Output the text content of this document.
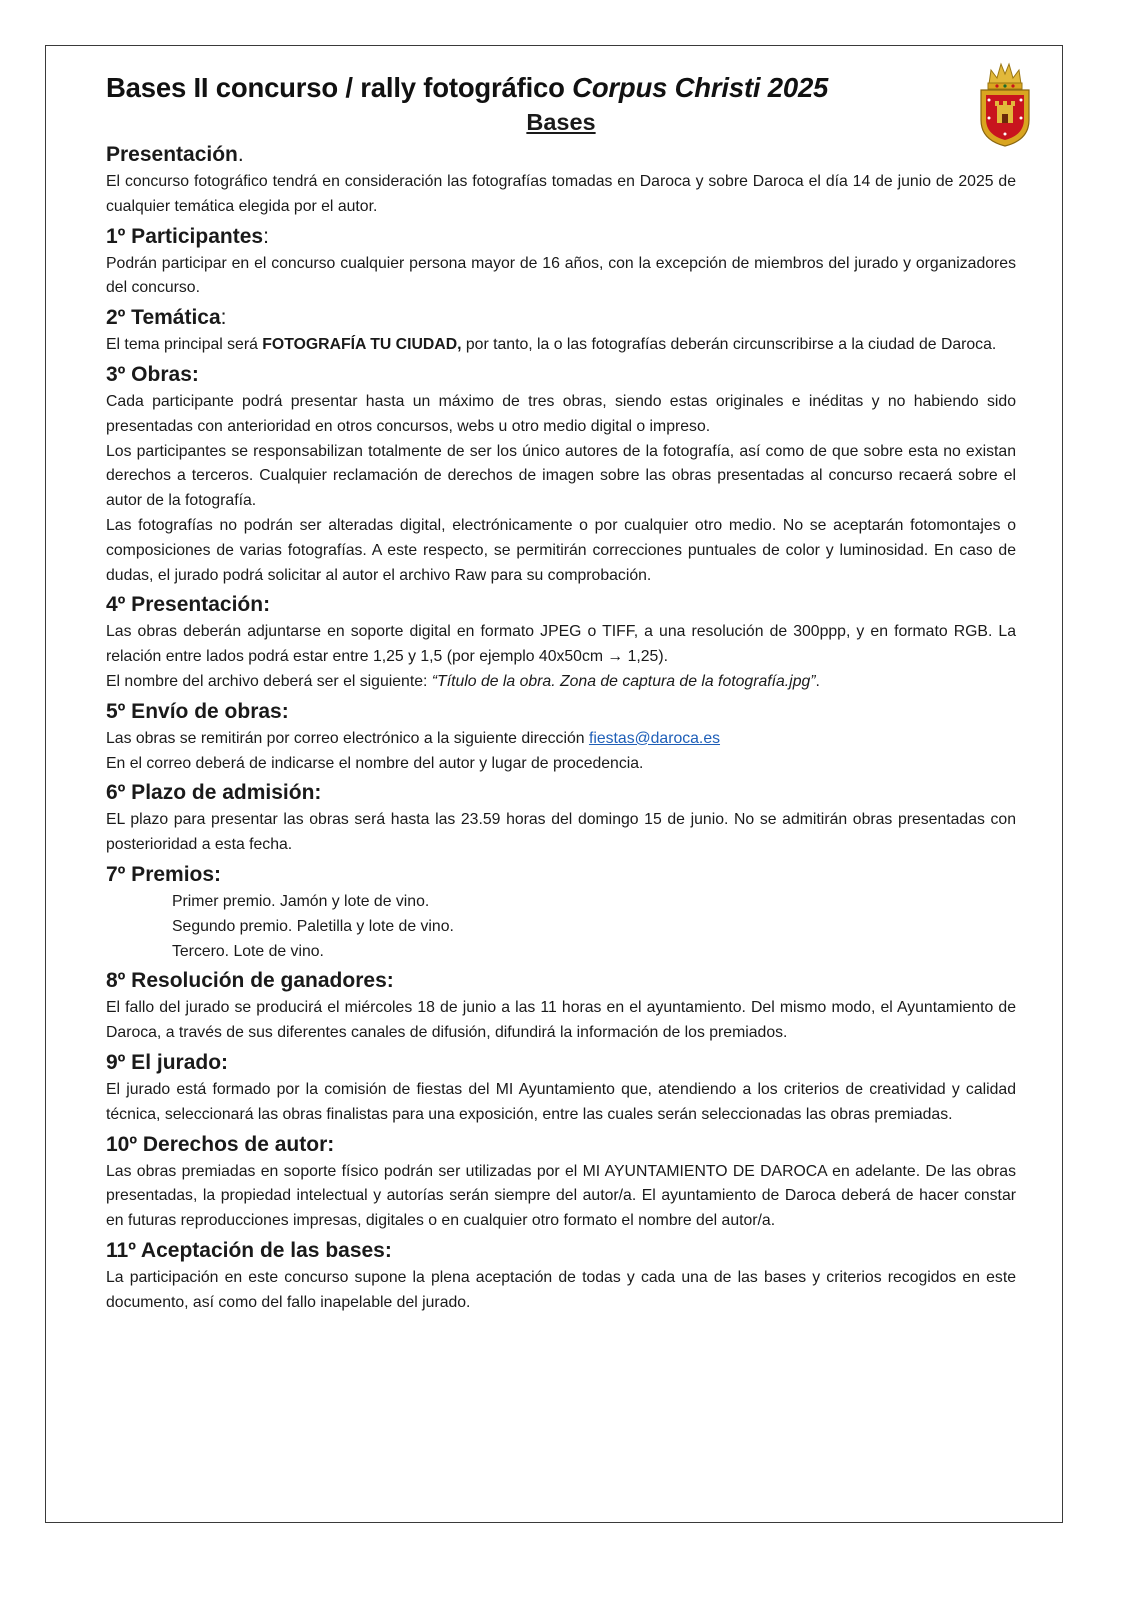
Bases II concurso / rally fotográfico Corpus Christi 2025
Bases
Presentación.

El concurso fotográfico tendrá en consideración las fotografías tomadas en Daroca y sobre Daroca el día 14 de junio de 2025 de cualquier temática elegida por el autor.

1º Participantes:

Podrán participar en el concurso cualquier persona mayor de 16 años, con la excepción de miembros del jurado y organizadores del concurso.

2º Temática:

El tema principal será FOTOGRAFÍA TU CIUDAD, por tanto, la o las fotografías deberán circunscribirse a la ciudad de Daroca.

3º Obras:

Cada participante podrá presentar hasta un máximo de tres obras, siendo estas originales e inéditas y no habiendo sido presentadas con anterioridad en otros concursos, webs u otro medio digital o impreso.

Los participantes se responsabilizan totalmente de ser los único autores de la fotografía, así como de que sobre esta no existan derechos a terceros. Cualquier reclamación de derechos de imagen sobre las obras presentadas al concurso recaerá sobre el autor de la fotografía.

Las fotografías no podrán ser alteradas digital, electrónicamente o por cualquier otro medio. No se aceptarán fotomontajes o composiciones de varias fotografías. A este respecto, se permitirán correcciones puntuales de color y luminosidad. En caso de dudas, el jurado podrá solicitar al autor el archivo Raw para su comprobación.

4º Presentación:

Las obras deberán adjuntarse en soporte digital en formato JPEG o TIFF, a una resolución de 300ppp, y en formato RGB. La relación entre lados podrá estar entre 1,25 y 1,5 (por ejemplo 40x50cm → 1,25).

El nombre del archivo deberá ser el siguiente: “Título de la obra. Zona de captura de la fotografía.jpg”.

5º Envío de obras:

Las obras se remitirán por correo electrónico a la siguiente dirección fiestas@daroca.es

En el correo deberá de indicarse el nombre del autor y lugar de procedencia.

6º Plazo de admisión:

EL plazo para presentar las obras será hasta las 23.59 horas del domingo 15 de junio. No se admitirán obras presentadas con posterioridad a esta fecha.

7º Premios:

Primer premio. Jamón y lote de vino.

Segundo premio. Paletilla y lote de vino.

Tercero. Lote de vino.

8º Resolución de ganadores:

El fallo del jurado se producirá el miércoles 18 de junio a las 11 horas en el ayuntamiento. Del mismo modo, el Ayuntamiento de Daroca, a través de sus diferentes canales de difusión, difundirá la información de los premiados.

9º El jurado:

El jurado está formado por la comisión de fiestas del MI Ayuntamiento que, atendiendo a los criterios de creatividad y calidad técnica, seleccionará las obras finalistas para una exposición, entre las cuales serán seleccionadas las obras premiadas.

10º Derechos de autor:

Las obras premiadas en soporte físico podrán ser utilizadas por el MI AYUNTAMIENTO DE DAROCA en adelante. De las obras presentadas, la propiedad intelectual y autorías serán siempre del autor/a. El ayuntamiento de Daroca deberá de hacer constar en futuras reproducciones impresas, digitales o en cualquier otro formato el nombre del autor/a.

11º Aceptación de las bases:

La participación en este concurso supone la plena aceptación de todas y cada una de las bases y criterios recogidos en este documento, así como del fallo inapelable del jurado.
